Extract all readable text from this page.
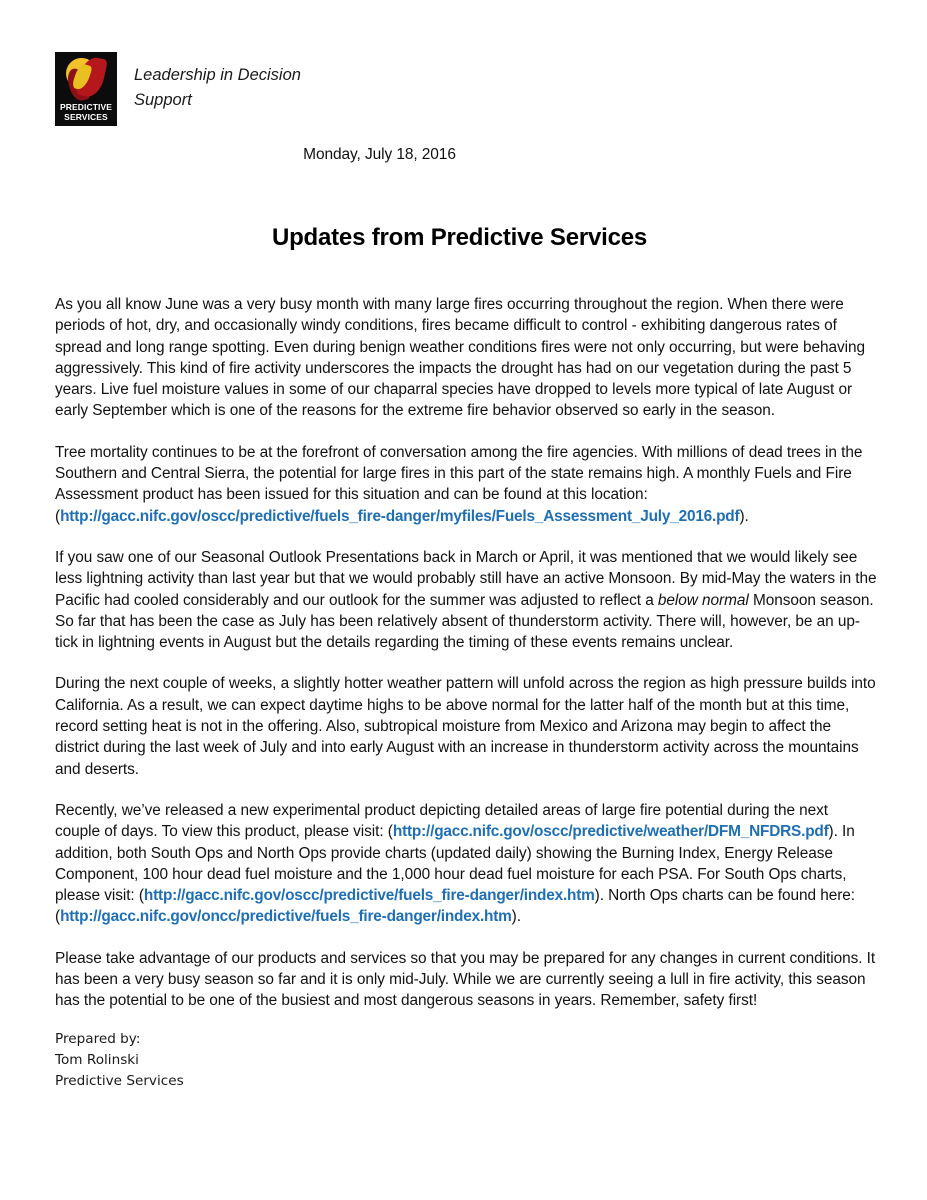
PREDICTIVE
SERVICES
Leadership in Decision Support
Monday, July 18, 2016
Updates from Predictive Services

As you all know June was a very busy month with many large fires occurring throughout the region. When there were periods of hot, dry, and occasionally windy conditions, fires became difficult to control - exhibiting dangerous rates of spread and long range spotting. Even during benign weather conditions fires were not only occurring, but were behaving aggressively. This kind of fire activity underscores the impacts the drought has had on our vegetation during the past 5 years. Live fuel moisture values in some of our chaparral species have dropped to levels more typical of late August or early September which is one of the reasons for the extreme fire behavior observed so early in the season.

Tree mortality continues to be at the forefront of conversation among the fire agencies. With millions of dead trees in the Southern and Central Sierra, the potential for large fires in this part of the state remains high. A monthly Fuels and Fire Assessment product has been issued for this situation and can be found at this location: (http://gacc.nifc.gov/oscc/predictive/fuels_fire-danger/myfiles/Fuels_Assessment_July_2016.pdf).

If you saw one of our Seasonal Outlook Presentations back in March or April, it was mentioned that we would likely see less lightning activity than last year but that we would probably still have an active Monsoon. By mid-May the waters in the Pacific had cooled considerably and our outlook for the summer was adjusted to reflect a below normal Monsoon season. So far that has been the case as July has been relatively absent of thunderstorm activity. There will, however, be an up-tick in lightning events in August but the details regarding the timing of these events remains unclear.

During the next couple of weeks, a slightly hotter weather pattern will unfold across the region as high pressure builds into California. As a result, we can expect daytime highs to be above normal for the latter half of the month but at this time, record setting heat is not in the offering. Also, subtropical moisture from Mexico and Arizona may begin to affect the district during the last week of July and into early August with an increase in thunderstorm activity across the mountains and deserts.

Recently, we’ve released a new experimental product depicting detailed areas of large fire potential during the next couple of days. To view this product, please visit: (http://gacc.nifc.gov/oscc/predictive/weather/DFM_NFDRS.pdf). In addition, both South Ops and North Ops provide charts (updated daily) showing the Burning Index, Energy Release Component, 100 hour dead fuel moisture and the 1,000 hour dead fuel moisture for each PSA. For South Ops charts, please visit: (http://gacc.nifc.gov/oscc/predictive/fuels_fire-danger/index.htm). North Ops charts can be found here: (http://gacc.nifc.gov/oncc/predictive/fuels_fire-danger/index.htm).

Please take advantage of our products and services so that you may be prepared for any changes in current conditions. It has been a very busy season so far and it is only mid-July. While we are currently seeing a lull in fire activity, this season has the potential to be one of the busiest and most dangerous seasons in years. Remember, safety first!

Prepared by:
Tom Rolinski
Predictive Services
